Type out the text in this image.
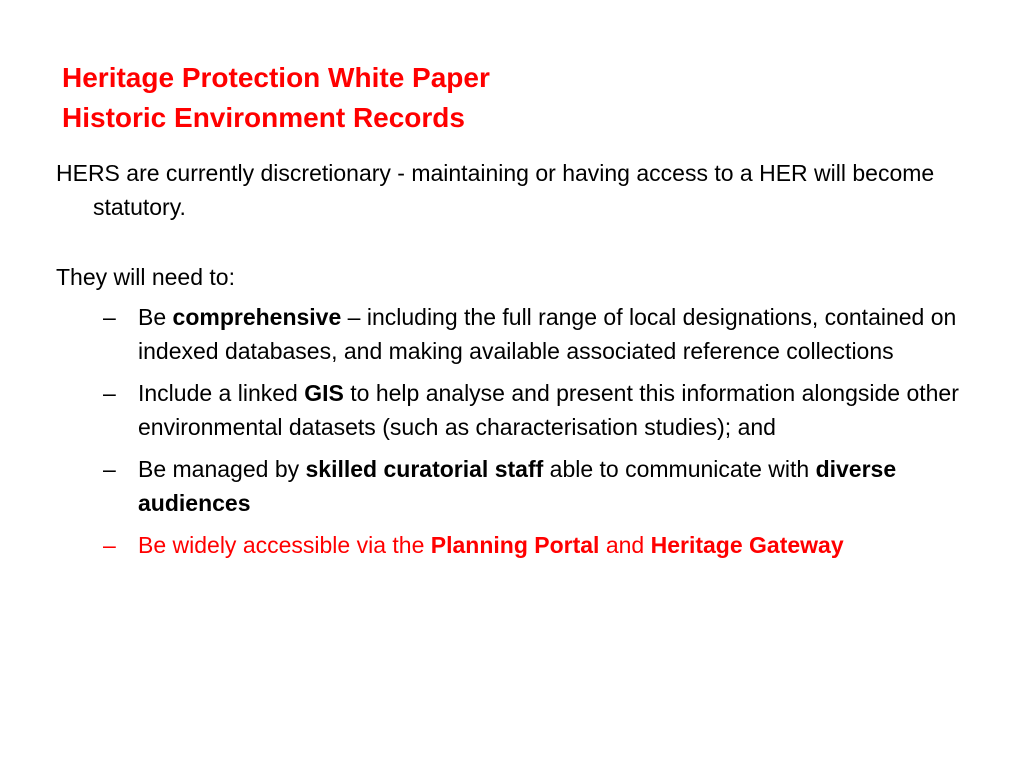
Heritage Protection White Paper
Historic Environment Records

HERS are currently discretionary - maintaining or having access to a HER will become statutory.

They will need to:

– Be comprehensive – including the full range of local designations, contained on indexed databases, and making available associated reference collections
– Include a linked GIS to help analyse and present this information alongside other environmental datasets (such as characterisation studies); and
– Be managed by skilled curatorial staff able to communicate with diverse audiences
– Be widely accessible via the Planning Portal and Heritage Gateway
